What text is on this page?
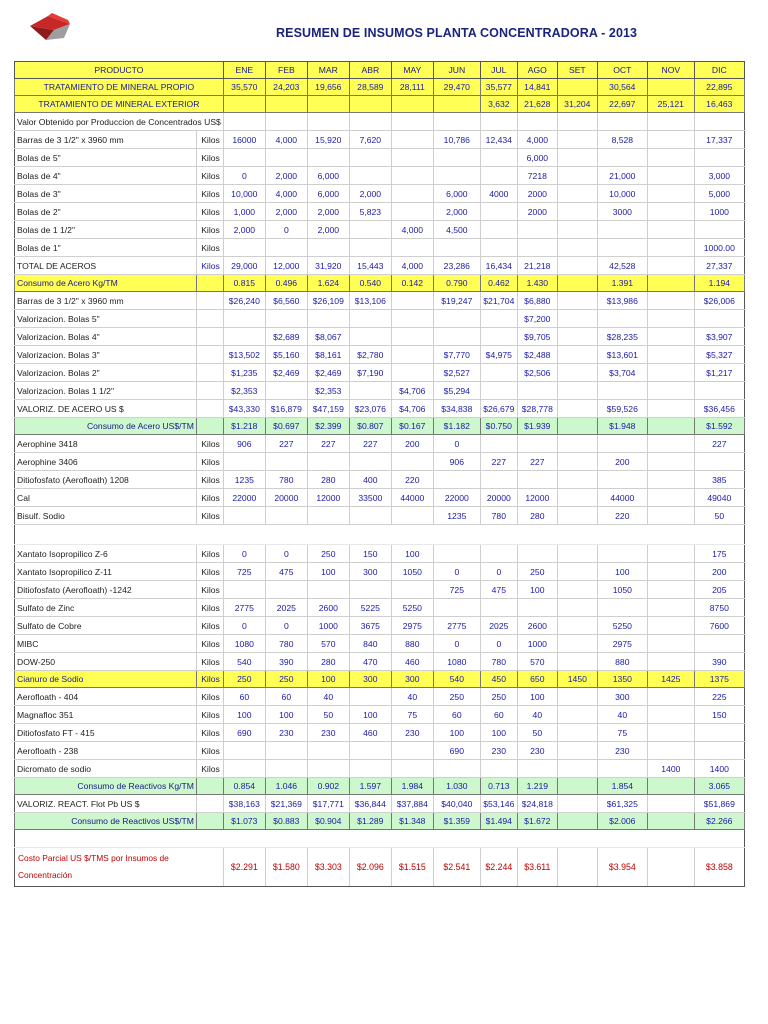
RESUMEN DE INSUMOS PLANTA CONCENTRADORA - 2013
PRODUCTO		ENE	FEB	MAR	ABR	MAY	JUN	JUL	AGO	SET	OCT	NOV	DIC
TRATAMIENTO DE MINERAL PROPIO		35,570	24,203	19,656	28,589	28,111	29,470	35,577	14,841		30,564		22,895
TRATAMIENTO DE MINERAL EXTERIOR								3,632	21,628	31,204	22,697	25,121	16,463
Valor Obtenido por Produccion de Concentrados US$													
Barras de 3 1/2" x 3960 mm	Kilos	16000	4,000	15,920	7,620		10,786	12,434	4,000		8,528		17,337
Bolas de 5"	Kilos								6,000				
Bolas de 4"	Kilos	0	2,000	6,000					7218		21,000		3,000
Bolas de 3"	Kilos	10,000	4,000	6,000	2,000		6,000	4000	2000		10,000		5,000
Bolas de 2"	Kilos	1,000	2,000	2,000	5,823		2,000		2000		3000		1000
Bolas de 1 1/2"	Kilos	2,000	0	2,000		4,000	4,500						
Bolas de 1"	Kilos												1000.00
TOTAL DE ACEROS	Kilos	29,000	12,000	31,920	15,443	4,000	23,286	16,434	21,218		42,528		27,337
Consumo de Acero Kg/TM		0.815	0.496	1.624	0.540	0.142	0.790	0.462	1.430		1.391		1.194
Barras de 3 1/2" x 3960 mm		$26,240	$6,560	$26,109	$13,106		$19,247	$21,704	$6,880		$13,986		$26,006
Valorizacion. Bolas 5"									$7,200				
Valorizacion. Bolas 4"			$2,689	$8,067					$9,705		$28,235		$3,907
Valorizacion. Bolas 3"		$13,502	$5,160	$8,161	$2,780		$7,770	$4,975	$2,488		$13,601		$5,327
Valorizacion. Bolas 2"		$1,235	$2,469	$2,469	$7,190		$2,527		$2,506		$3,704		$1,217
Valorizacion. Bolas 1 1/2"		$2,353		$2,353		$4,706	$5,294						
VALORIZ. DE ACERO US $		$43,330	$16,879	$47,159	$23,076	$4,706	$34,838	$26,679	$28,778		$59,526		$36,456
Consumo de Acero US$/TM		$1.218	$0.697	$2.399	$0.807	$0.167	$1.182	$0.750	$1.939		$1.948		$1.592
Aerophine 3418	Kilos	906	227	227	227	200	0						227
Aerophine 3406	Kilos						906	227	227		200		
Ditiofosfato (Aerofloath) 1208	Kilos	1235	780	280	400	220							385
Cal	Kilos	22000	20000	12000	33500	44000	22000	20000	12000		44000		49040
Bisulf. Sodio	Kilos						1235	780	280		220		50

Xantato Isopropilico Z-6	Kilos	0	0	250	150	100							175
Xantato Isopropilico Z-11	Kilos	725	475	100	300	1050	0	0	250		100		200
Ditiofosfato (Aerofloath) -1242	Kilos						725	475	100		1050		205
Sulfato de Zinc	Kilos	2775	2025	2600	5225	5250							8750
Sulfato de Cobre	Kilos	0	0	1000	3675	2975	2775	2025	2600		5250		7600
MIBC	Kilos	1080	780	570	840	880	0	0	1000		2975		
DOW-250	Kilos	540	390	280	470	460	1080	780	570		880		390
Cianuro de Sodio	Kilos	250	250	100	300	300	540	450	650	1450	1350	1425	1375
Aerofloath - 404	Kilos	60	60	40		40	250	250	100		300		225
Magnafloc 351	Kilos	100	100	50	100	75	60	60	40		40		150
Ditiofosfato FT - 415	Kilos	690	230	230	460	230	100	100	50		75		
Aerofloath - 238	Kilos						690	230	230		230		
Dicromato de sodio	Kilos											1400	1400
Consumo de Reactivos Kg/TM		0.854	1.046	0.902	1.597	1.984	1.030	0.713	1.219		1.854		3.065
VALORIZ. REACT. Flot Pb US $		$38,163	$21,369	$17,771	$36,844	$37,884	$40,040	$53,146	$24,818		$61,325		$51,869
Consumo de Reactivos US$/TM		$1.073	$0.883	$0.904	$1.289	$1.348	$1.359	$1.494	$1.672		$2.006		$2.266

Costo Parcial US $/TMS por Insumos de Concentración		$2.291	$1.580	$3.303	$2.096	$1.515	$2.541	$2.244	$3.611		$3.954		$3.858
